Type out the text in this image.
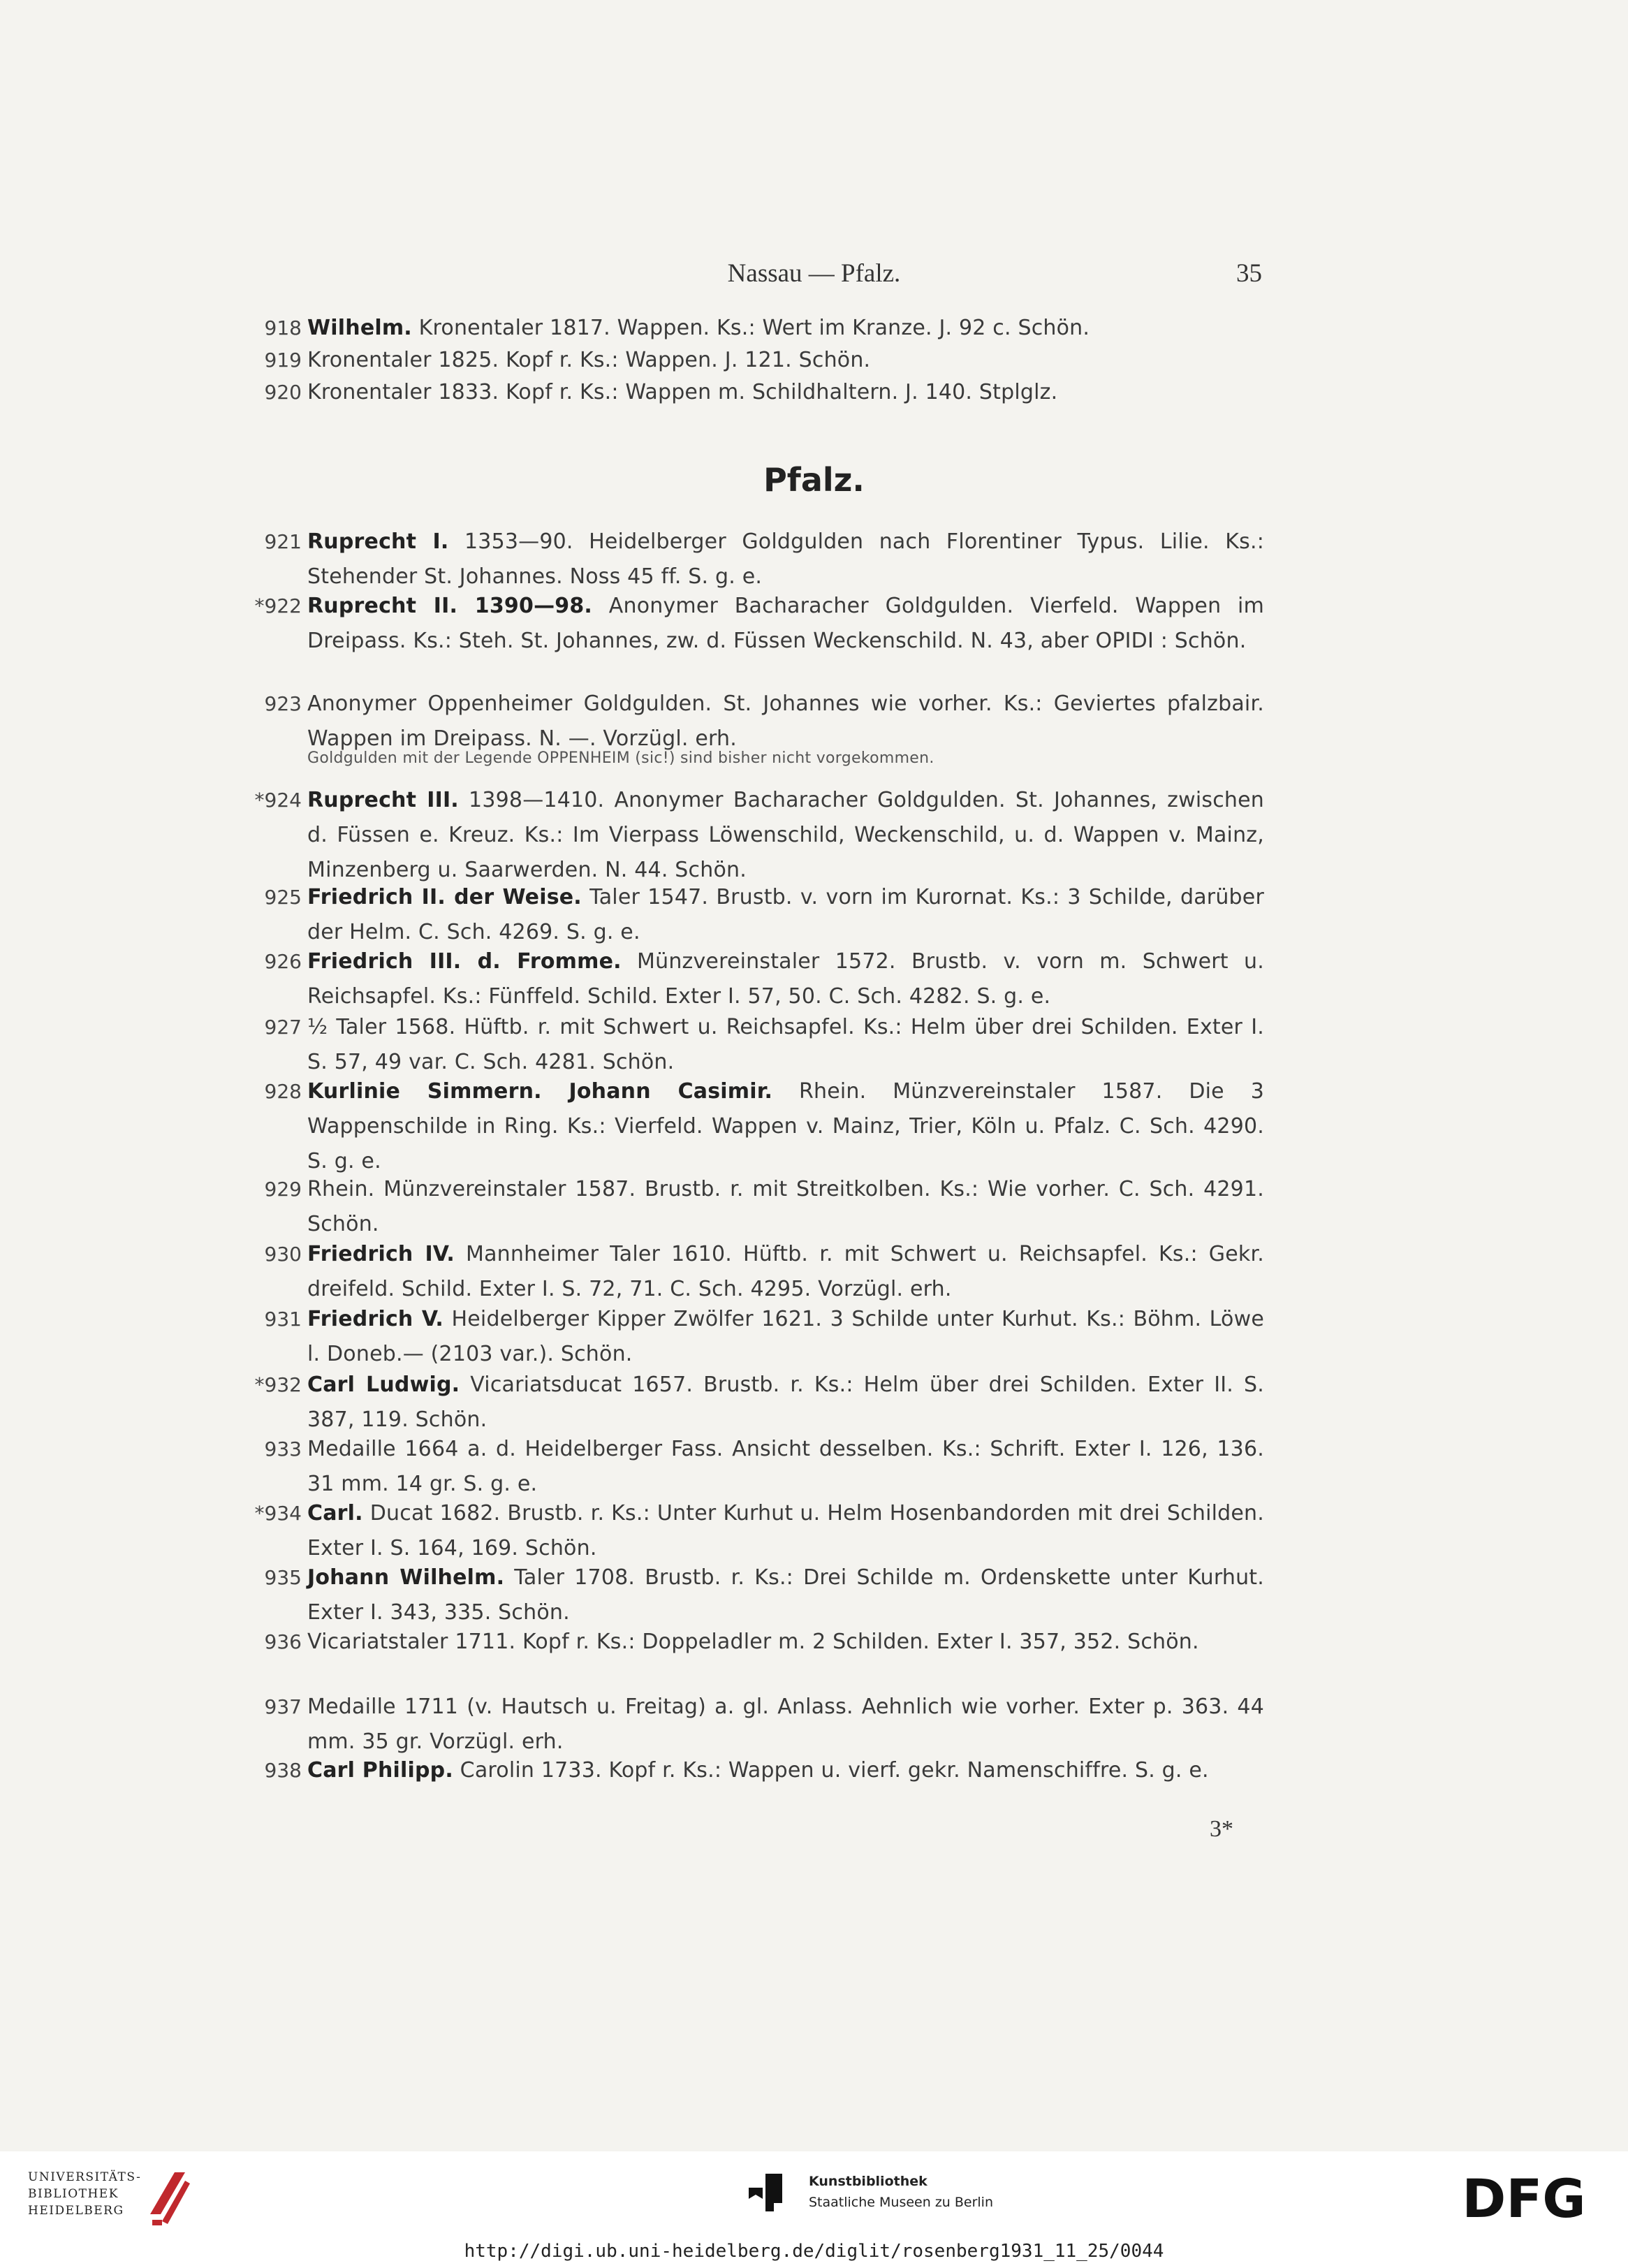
Nassau — Pfalz.	35
918 Wilhelm. Kronentaler 1817. Wappen. Ks.: Wert im Kranze. J. 92 c. Schön.
919 Kronentaler 1825. Kopf r. Ks.: Wappen. J. 121. Schön.
920 Kronentaler 1833. Kopf r. Ks.: Wappen m. Schildhaltern. J. 140. Stplglz.
Pfalz.
921 Ruprecht I. 1353—90. Heidelberger Goldgulden nach Florentiner Typus. Lilie. Ks.: Stehender St. Johannes. Noss 45 ff. S. g. e.
*922 Ruprecht II. 1390—98. Anonymer Bacharacher Goldgulden. Vierfeld. Wappen im Dreipass. Ks.: Steh. St. Johannes, zw. d. Füssen Weckenschild. N. 43, aber OPIDI : Schön.
923 Anonymer Oppenheimer Goldgulden. St. Johannes wie vorher. Ks.: Geviertes pfalzbair. Wappen im Dreipass. N. —. Vorzügl. erh.
*924 Ruprecht III. 1398—1410. Anonymer Bacharacher Goldgulden. St. Johannes, zwischen d. Füssen e. Kreuz. Ks.: Im Vierpass Löwenschild, Weckenschild, u. d. Wappen v. Mainz, Minzenberg u. Saarwerden. N. 44. Schön.
925 Friedrich II. der Weise. Taler 1547. Brustb. v. vorn im Kurornat. Ks.: 3 Schilde, darüber der Helm. C. Sch. 4269. S. g. e.
926 Friedrich III. d. Fromme. Münzvereinstaler 1572. Brustb. v. vorn m. Schwert u. Reichsapfel. Ks.: Fünffeld. Schild. Exter I. 57, 50. C. Sch. 4282. S. g. e.
927 ½ Taler 1568. Hüftb. r. mit Schwert u. Reichsapfel. Ks.: Helm über drei Schilden. Exter I. S. 57, 49 var. C. Sch. 4281. Schön.
928 Kurlinie Simmern. Johann Casimir. Rhein. Münzvereinstaler 1587. Die 3 Wappenschilde in Ring. Ks.: Vierfeld. Wappen v. Mainz, Trier, Köln u. Pfalz. C. Sch. 4290. S. g. e.
929 Rhein. Münzvereinstaler 1587. Brustb. r. mit Streitkolben. Ks.: Wie vorher. C. Sch. 4291. Schön.
930 Friedrich IV. Mannheimer Taler 1610. Hüftb. r. mit Schwert u. Reichsapfel. Ks.: Gekr. dreifeld. Schild. Exter I. S. 72, 71. C. Sch. 4295. Vorzügl. erh.
931 Friedrich V. Heidelberger Kipper Zwölfer 1621. 3 Schilde unter Kurhut. Ks.: Böhm. Löwe l. Doneb.— (2103 var.). Schön.
*932 Carl Ludwig. Vicariatsducat 1657. Brustb. r. Ks.: Helm über drei Schilden. Exter II. S. 387, 119. Schön.
933 Medaille 1664 a. d. Heidelberger Fass. Ansicht desselben. Ks.: Schrift. Exter I. 126, 136. 31 mm. 14 gr. S. g. e.
*934 Carl. Ducat 1682. Brustb. r. Ks.: Unter Kurhut u. Helm Hosenbandorden mit drei Schilden. Exter I. S. 164, 169. Schön.
935 Johann Wilhelm. Taler 1708. Brustb. r. Ks.: Drei Schilde m. Ordenskette unter Kurhut. Exter I. 343, 335. Schön.
936 Vicariatstaler 1711. Kopf r. Ks.: Doppeladler m. 2 Schilden. Exter I. 357, 352. Schön.
937 Medaille 1711 (v. Hautsch u. Freitag) a. gl. Anlass. Aehnlich wie vorher. Exter p. 363. 44 mm. 35 gr. Vorzügl. erh.
938 Carl Philipp. Carolin 1733. Kopf r. Ks.: Wappen u. vierf. gekr. Namenschiffre. S. g. e.
Goldgulden mit der Legende OPPENHEIM (sic!) sind bisher nicht vorgekommen.
3*
UNIVERSITÄTS-
BIBLIOTHEK
HEIDELBERG
Kunstbibliothek
Staatliche Museen zu Berlin	DFG
http://digi.ub.uni-heidelberg.de/diglit/rosenberg1931_11_25/0044
